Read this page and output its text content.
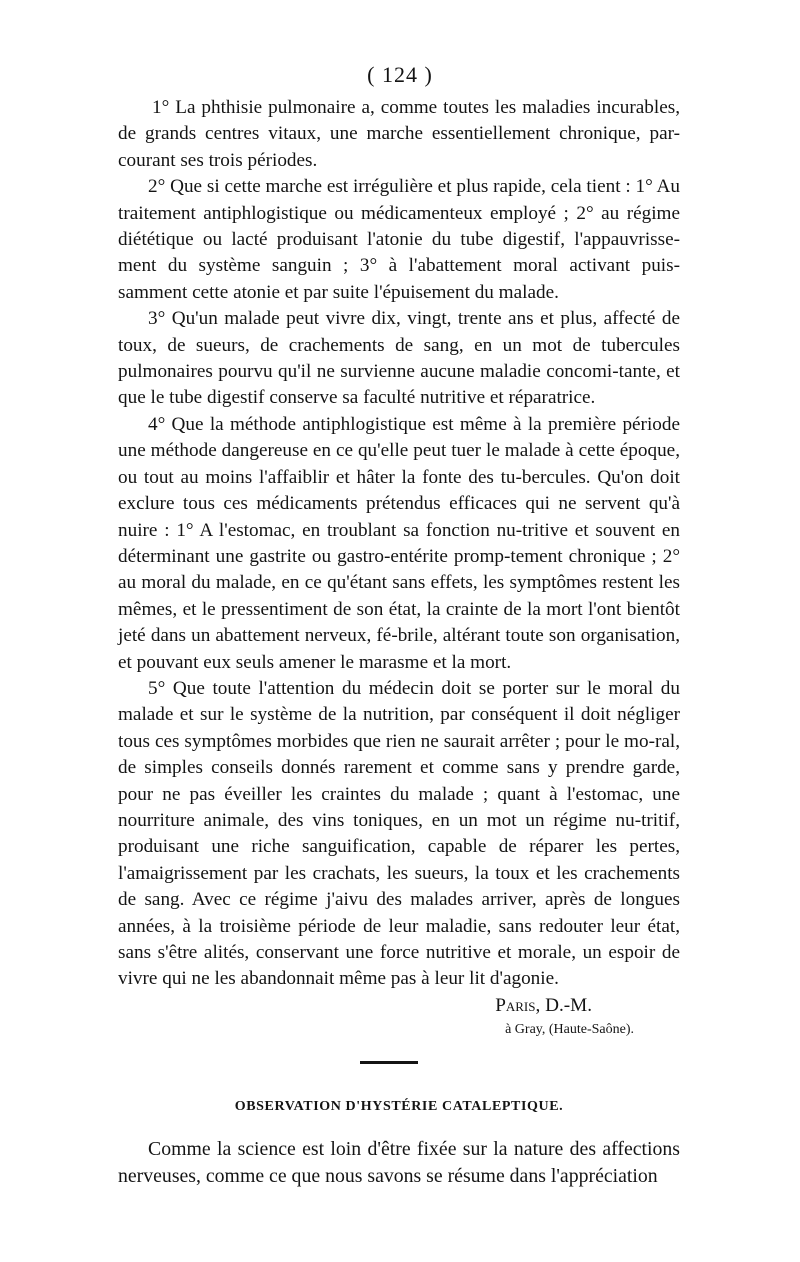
( 124 )

1° La phthisie pulmonaire a, comme toutes les maladies incurables, de grands centres vitaux, une marche essentiellement chronique, par-courant ses trois périodes.

2° Que si cette marche est irrégulière et plus rapide, cela tient : 1° Au traitement antiphlogistique ou médicamenteux employé ; 2° au régime diététique ou lacté produisant l'atonie du tube digestif, l'appauvrisse-ment du système sanguin ; 3° à l'abattement moral activant puis-samment cette atonie et par suite l'épuisement du malade.

3° Qu'un malade peut vivre dix, vingt, trente ans et plus, affecté de toux, de sueurs, de crachements de sang, en un mot de tubercules pulmonaires pourvu qu'il ne survienne aucune maladie concomi-tante, et que le tube digestif conserve sa faculté nutritive et réparatrice.

4° Que la méthode antiphlogistique est même à la première période une méthode dangereuse en ce qu'elle peut tuer le malade à cette époque, ou tout au moins l'affaiblir et hâter la fonte des tu-bercules. Qu'on doit exclure tous ces médicaments prétendus efficaces qui ne servent qu'à nuire : 1° A l'estomac, en troublant sa fonction nu-tritive et souvent en déterminant une gastrite ou gastro-entérite promp-tement chronique ; 2° au moral du malade, en ce qu'étant sans effets, les symptômes restent les mêmes, et le pressentiment de son état, la crainte de la mort l'ont bientôt jeté dans un abattement nerveux, fé-brile, altérant toute son organisation, et pouvant eux seuls amener le marasme et la mort.

5° Que toute l'attention du médecin doit se porter sur le moral du malade et sur le système de la nutrition, par conséquent il doit négliger tous ces symptômes morbides que rien ne saurait arrêter ; pour le mo-ral, de simples conseils donnés rarement et comme sans y prendre garde, pour ne pas éveiller les craintes du malade ; quant à l'estomac, une nourriture animale, des vins toniques, en un mot un régime nu-tritif, produisant une riche sanguification, capable de réparer les pertes, l'amaigrissement par les crachats, les sueurs, la toux et les crachements de sang. Avec ce régime j'aivu des malades arriver, après de longues années, à la troisième période de leur maladie, sans redouter leur état, sans s'être alités, conservant une force nutritive et morale, un espoir de vivre qui ne les abandonnait même pas à leur lit d'agonie.

Paris, D.-M.

à Gray, (Haute-Saône).

OBSERVATION D'HYSTÉRIE CATALEPTIQUE.

Comme la science est loin d'être fixée sur la nature des affections nerveuses, comme ce que nous savons se résume dans l'appréciation
